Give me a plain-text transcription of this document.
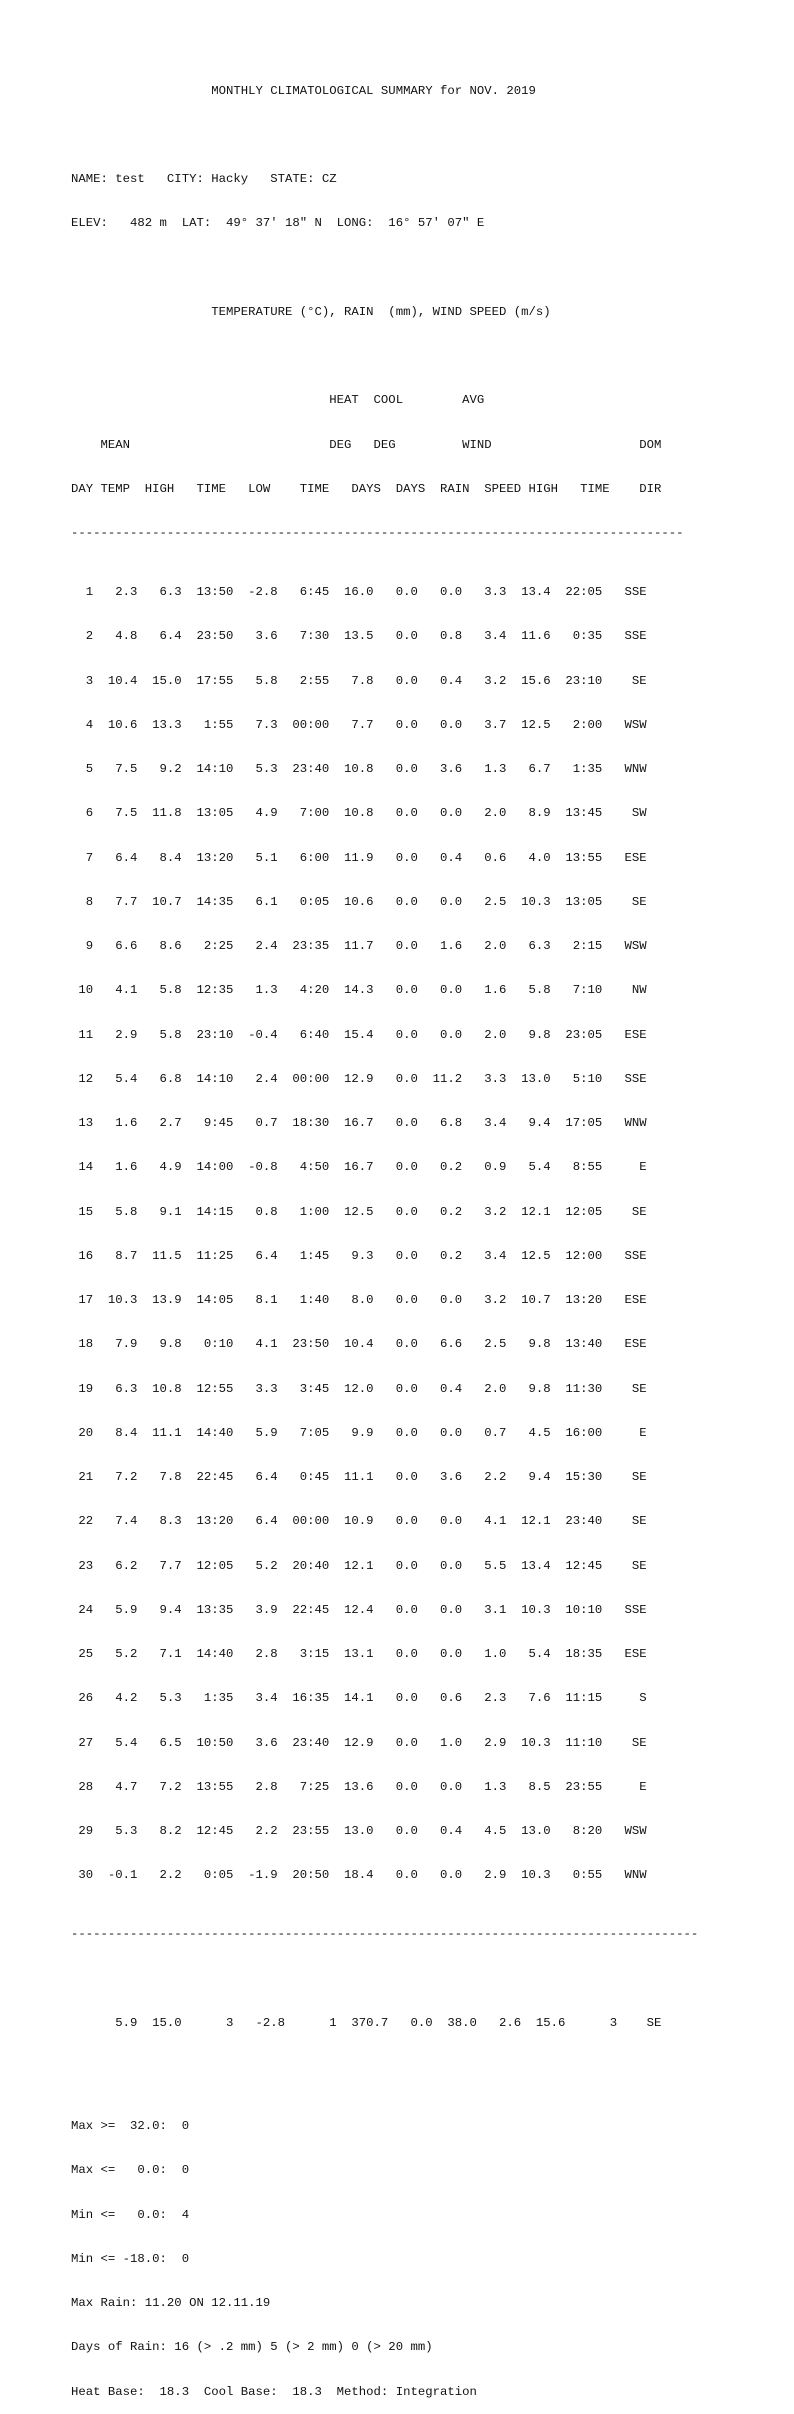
MONTHLY CLIMATOLOGICAL SUMMARY for NOV. 2019

NAME: test   CITY: Hacky   STATE: CZ

ELEV:   482 m  LAT:  49° 37' 18" N  LONG:  16° 57' 07" E

TEMPERATURE (°C), RAIN  (mm), WIND SPEED (m/s)

HEAT  COOL        AVG

MEAN                           DEG   DEG         WIND                    DOM

DAY TEMP  HIGH   TIME   LOW    TIME   DAYS  DAYS  RAIN  SPEED HIGH   TIME    DIR

-----------------------------------------------------------------------------------

1   2.3   6.3  13:50  -2.8   6:45  16.0   0.0   0.0   3.3  13.4  22:05   SSE

2   4.8   6.4  23:50   3.6   7:30  13.5   0.0   0.8   3.4  11.6   0:35   SSE

3  10.4  15.0  17:55   5.8   2:55   7.8   0.0   0.4   3.2  15.6  23:10    SE

4  10.6  13.3   1:55   7.3  00:00   7.7   0.0   0.0   3.7  12.5   2:00   WSW

5   7.5   9.2  14:10   5.3  23:40  10.8   0.0   3.6   1.3   6.7   1:35   WNW

6   7.5  11.8  13:05   4.9   7:00  10.8   0.0   0.0   2.0   8.9  13:45    SW

7   6.4   8.4  13:20   5.1   6:00  11.9   0.0   0.4   0.6   4.0  13:55   ESE

8   7.7  10.7  14:35   6.1   0:05  10.6   0.0   0.0   2.5  10.3  13:05    SE

9   6.6   8.6   2:25   2.4  23:35  11.7   0.0   1.6   2.0   6.3   2:15   WSW

10   4.1   5.8  12:35   1.3   4:20  14.3   0.0   0.0   1.6   5.8   7:10    NW

11   2.9   5.8  23:10  -0.4   6:40  15.4   0.0   0.0   2.0   9.8  23:05   ESE

12   5.4   6.8  14:10   2.4  00:00  12.9   0.0  11.2   3.3  13.0   5:10   SSE

13   1.6   2.7   9:45   0.7  18:30  16.7   0.0   6.8   3.4   9.4  17:05   WNW

14   1.6   4.9  14:00  -0.8   4:50  16.7   0.0   0.2   0.9   5.4   8:55     E

15   5.8   9.1  14:15   0.8   1:00  12.5   0.0   0.2   3.2  12.1  12:05    SE

16   8.7  11.5  11:25   6.4   1:45   9.3   0.0   0.2   3.4  12.5  12:00   SSE

17  10.3  13.9  14:05   8.1   1:40   8.0   0.0   0.0   3.2  10.7  13:20   ESE

18   7.9   9.8   0:10   4.1  23:50  10.4   0.0   6.6   2.5   9.8  13:40   ESE

19   6.3  10.8  12:55   3.3   3:45  12.0   0.0   0.4   2.0   9.8  11:30    SE

20   8.4  11.1  14:40   5.9   7:05   9.9   0.0   0.0   0.7   4.5  16:00     E

21   7.2   7.8  22:45   6.4   0:45  11.1   0.0   3.6   2.2   9.4  15:30    SE

22   7.4   8.3  13:20   6.4  00:00  10.9   0.0   0.0   4.1  12.1  23:40    SE

23   6.2   7.7  12:05   5.2  20:40  12.1   0.0   0.0   5.5  13.4  12:45    SE

24   5.9   9.4  13:35   3.9  22:45  12.4   0.0   0.0   3.1  10.3  10:10   SSE

25   5.2   7.1  14:40   2.8   3:15  13.1   0.0   0.0   1.0   5.4  18:35   ESE

26   4.2   5.3   1:35   3.4  16:35  14.1   0.0   0.6   2.3   7.6  11:15     S

27   5.4   6.5  10:50   3.6  23:40  12.9   0.0   1.0   2.9  10.3  11:10    SE

28   4.7   7.2  13:55   2.8   7:25  13.6   0.0   0.0   1.3   8.5  23:55     E

29   5.3   8.2  12:45   2.2  23:55  13.0   0.0   0.4   4.5  13.0   8:20   WSW

30  -0.1   2.2   0:05  -1.9  20:50  18.4   0.0   0.0   2.9  10.3   0:55   WNW

-------------------------------------------------------------------------------------

5.9  15.0      3   -2.8      1  370.7   0.0  38.0   2.6  15.6      3    SE

Max >=  32.0:  0

Max <=   0.0:  0

Min <=   0.0:  4

Min <= -18.0:  0

Max Rain: 11.20 ON 12.11.19

Days of Rain: 16 (> .2 mm) 5 (> 2 mm) 0 (> 20 mm)

Heat Base:  18.3  Cool Base:  18.3  Method: Integration
